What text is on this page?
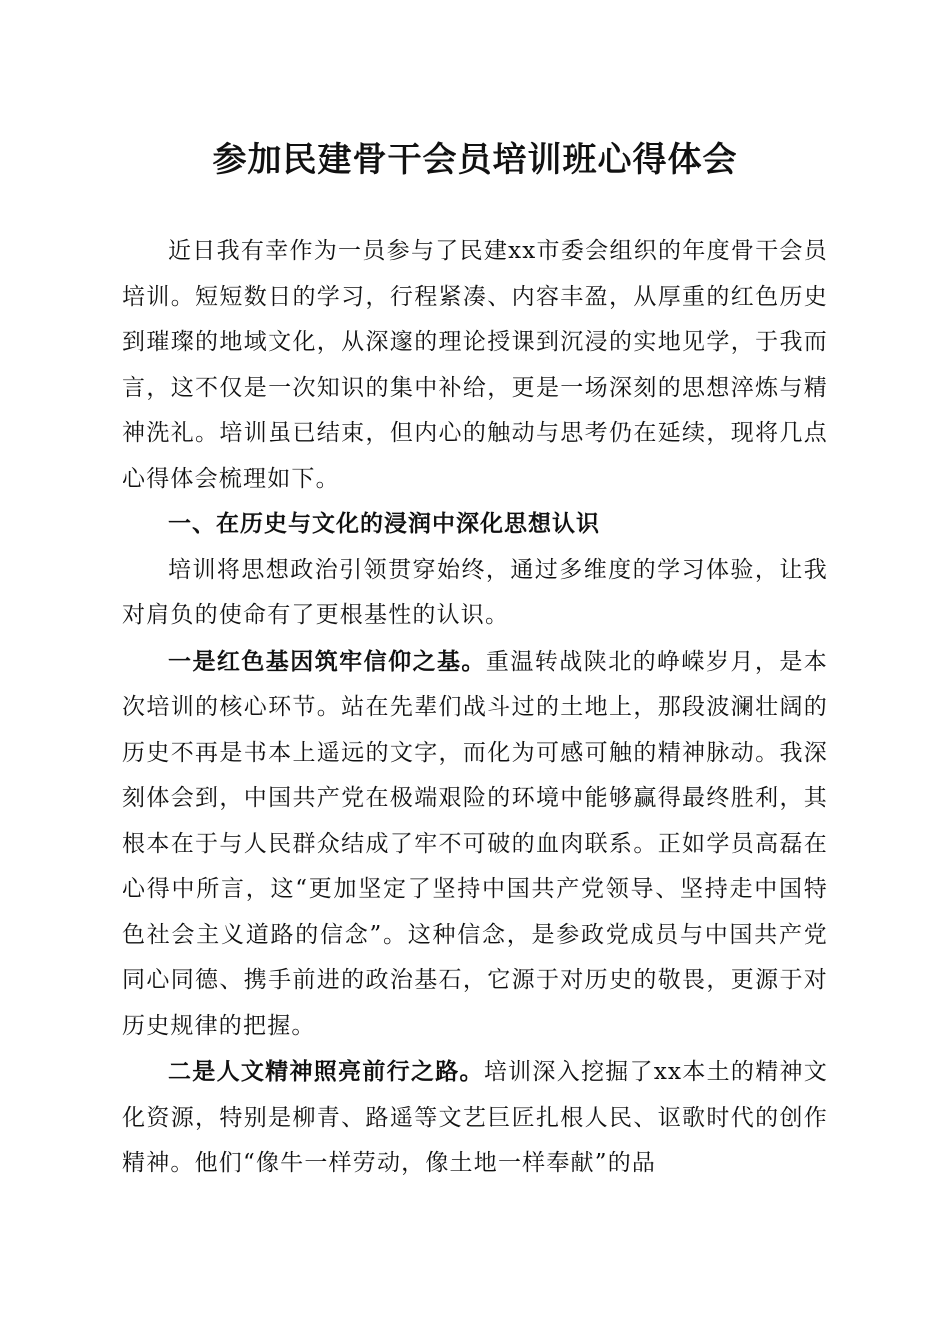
参加民建骨干会员培训班心得体会

近日我有幸作为一员参与了民建xx市委会组织的年度骨干会员培训。短短数日的学习，行程紧凑、内容丰盈，从厚重的红色历史到璀璨的地域文化，从深邃的理论授课到沉浸的实地见学，于我而言，这不仅是一次知识的集中补给，更是一场深刻的思想淬炼与精神洗礼。培训虽已结束，但内心的触动与思考仍在延续，现将几点心得体会梳理如下。

一、在历史与文化的浸润中深化思想认识

培训将思想政治引领贯穿始终，通过多维度的学习体验，让我对肩负的使命有了更根基性的认识。

一是红色基因筑牢信仰之基。重温转战陕北的峥嵘岁月，是本次培训的核心环节。站在先辈们战斗过的土地上，那段波澜壮阔的历史不再是书本上遥远的文字，而化为可感可触的精神脉动。我深刻体会到，中国共产党在极端艰险的环境中能够赢得最终胜利，其根本在于与人民群众结成了牢不可破的血肉联系。正如学员高磊在心得中所言，这“更加坚定了坚持中国共产党领导、坚持走中国特色社会主义道路的信念”。这种信念，是参政党成员与中国共产党同心同德、携手前进的政治基石，它源于对历史的敬畏，更源于对历史规律的把握。

二是人文精神照亮前行之路。培训深入挖掘了xx本土的精神文化资源，特别是柳青、路遥等文艺巨匠扎根人民、讴歌时代的创作精神。他们“像牛一样劳动，像土地一样奉献”的品
